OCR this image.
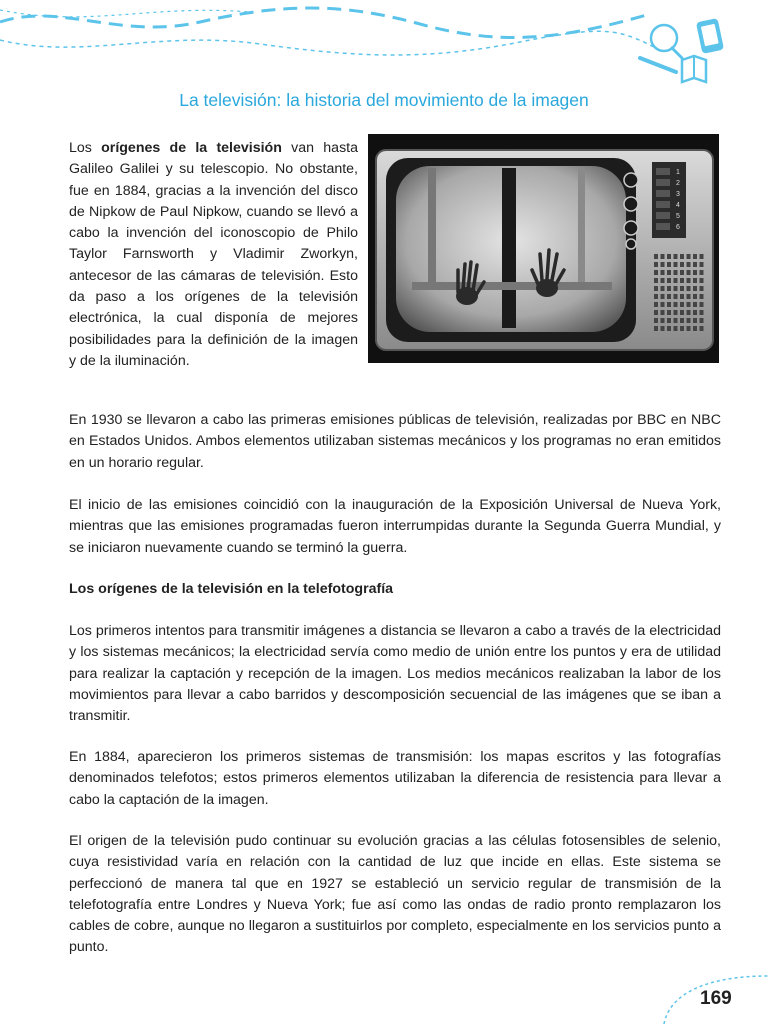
La televisión: la historia del movimiento de la imagen

Los orígenes de la televisión van hasta Galileo Galilei y su telescopio. No obstante, fue en 1884, gracias a la invención del disco de Nipkow de Paul Nipkow, cuando se llevó a cabo la invención del iconoscopio de Philo Taylor Farnsworth y Vladimir Zworkyn, antecesor de las cámaras de televisión. Esto da paso a los orígenes de la televisión electrónica, la cual disponía de mejores posibilidades para la definición de la imagen y de la iluminación.

1
2
3
4
5
6

En 1930 se llevaron a cabo las primeras emisiones públicas de televisión, realizadas por BBC en NBC en Estados Unidos. Ambos elementos utilizaban sistemas mecánicos y los programas no eran emitidos en un horario regular.

El inicio de las emisiones coincidió con la inauguración de la Exposición Universal de Nueva York, mientras que las emisiones programadas fueron interrumpidas durante la Segunda Guerra Mundial, y se iniciaron nuevamente cuando se terminó la guerra.

Los orígenes de la televisión en la telefotografía

Los primeros intentos para transmitir imágenes a distancia se llevaron a cabo a través de la electricidad y los sistemas mecánicos; la electricidad servía como medio de unión entre los puntos y era de utilidad para realizar la captación y recepción de la imagen. Los medios mecánicos realizaban la labor de los movimientos para llevar a cabo barridos y descomposición secuencial de las imágenes que se iban a transmitir.

En 1884, aparecieron los primeros sistemas de transmisión: los mapas escritos y las fotografías denominados telefotos; estos primeros elementos utilizaban la diferencia de resistencia para llevar a cabo la captación de la imagen.

El origen de la televisión pudo continuar su evolución gracias a las células fotosensibles de selenio, cuya resistividad varía en relación con la cantidad de luz que incide en ellas. Este sistema se perfeccionó de manera tal que en 1927 se estableció un servicio regular de transmisión de la telefotografía entre Londres y Nueva York; fue así como las ondas de radio pronto remplazaron los cables de cobre, aunque no llegaron a sustituirlos por completo, especialmente en los servicios punto a punto.

169
